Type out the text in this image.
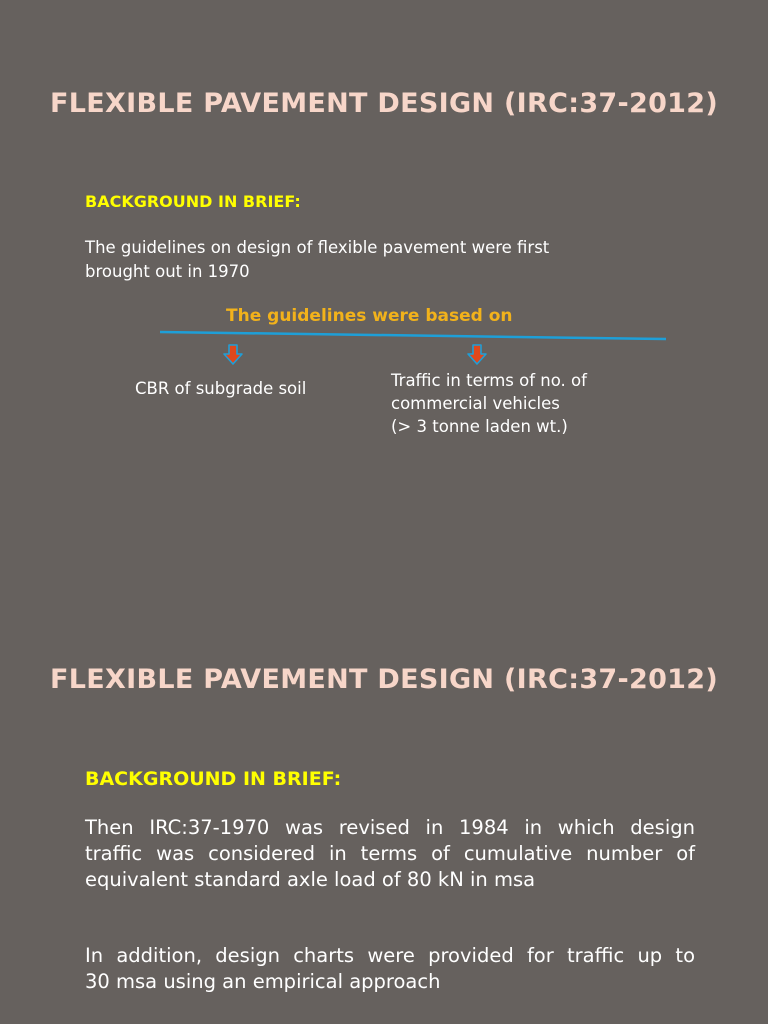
FLEXIBLE PAVEMENT DESIGN (IRC:37-2012)
BACKGROUND IN BRIEF:
The guidelines on design of flexible pavement were first
brought out in 1970
The guidelines were based on
CBR of subgrade soil	Traffic in terms of no. of
commercial vehicles
(> 3 tonne laden wt.)
FLEXIBLE PAVEMENT DESIGN (IRC:37-2012)
BACKGROUND IN BRIEF:
Then IRC:37-1970 was revised in 1984 in which design
traffic was considered in terms of cumulative number of
equivalent standard axle load of 80 kN in msa
In addition, design charts were provided for traffic up to
30 msa using an empirical approach
